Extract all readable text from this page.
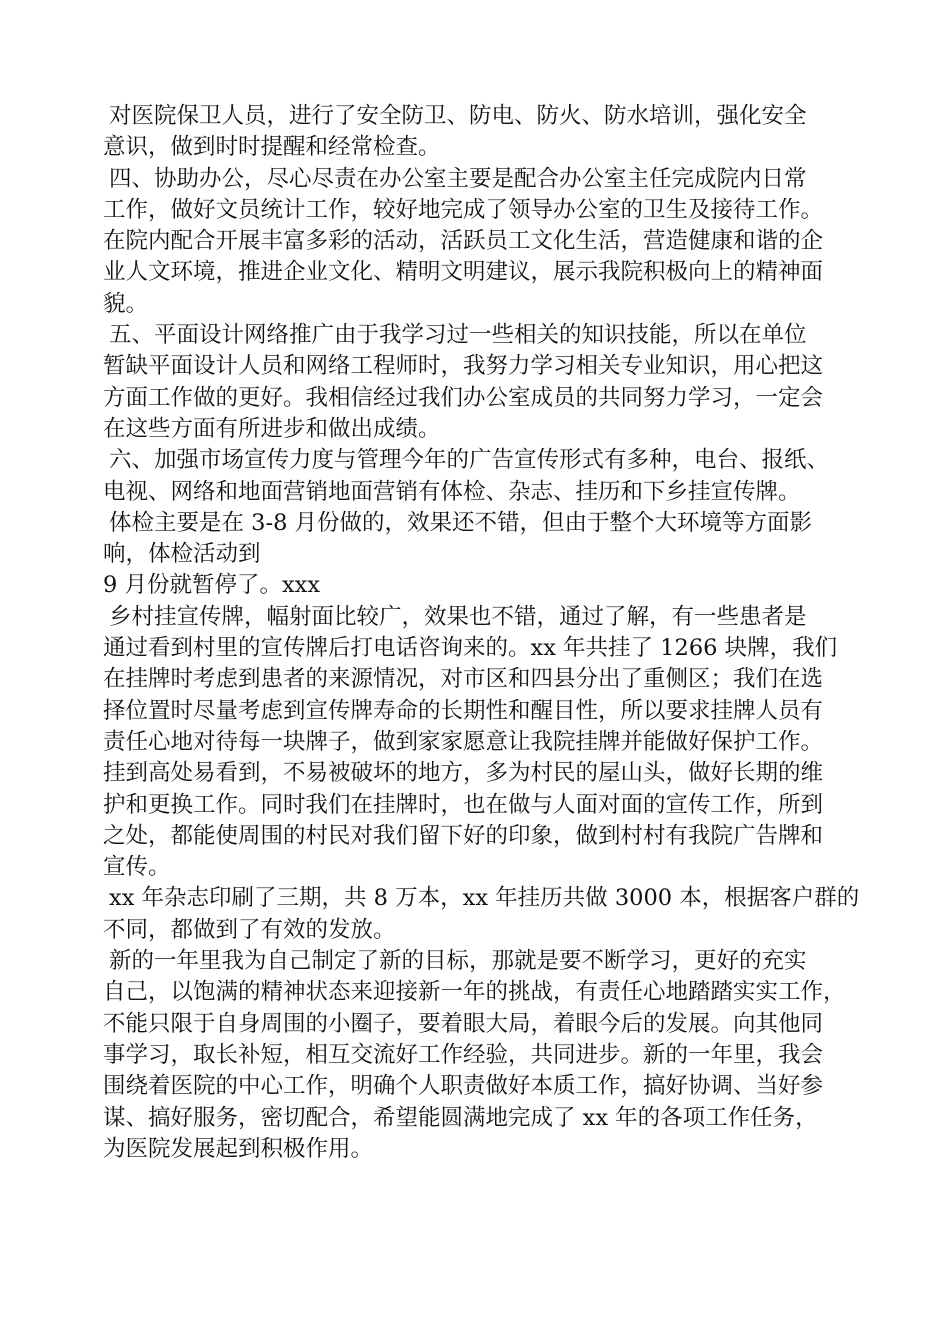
对医院保卫人员，进行了安全防卫、防电、防火、防水培训，强化安全
意识，做到时时提醒和经常检查。
四、协助办公，尽心尽责在办公室主要是配合办公室主任完成院内日常
工作，做好文员统计工作，较好地完成了领导办公室的卫生及接待工作。
在院内配合开展丰富多彩的活动，活跃员工文化生活，营造健康和谐的企
业人文环境，推进企业文化、精明文明建议，展示我院积极向上的精神面
貌。
五、平面设计网络推广由于我学习过一些相关的知识技能，所以在单位
暂缺平面设计人员和网络工程师时，我努力学习相关专业知识，用心把这
方面工作做的更好。我相信经过我们办公室成员的共同努力学习，一定会
在这些方面有所进步和做出成绩。
六、加强市场宣传力度与管理今年的广告宣传形式有多种，电台、报纸、
电视、网络和地面营销地面营销有体检、杂志、挂历和下乡挂宣传牌。
体检主要是在 3-8 月份做的，效果还不错，但由于整个大环境等方面影
响，体检活动到
9 月份就暂停了。xxx
乡村挂宣传牌，幅射面比较广，效果也不错，通过了解，有一些患者是
通过看到村里的宣传牌后打电话咨询来的。xx 年共挂了 1266 块牌，我们
在挂牌时考虑到患者的来源情况，对市区和四县分出了重侧区；我们在选
择位置时尽量考虑到宣传牌寿命的长期性和醒目性，所以要求挂牌人员有
责任心地对待每一块牌子，做到家家愿意让我院挂牌并能做好保护工作。
挂到高处易看到，不易被破坏的地方，多为村民的屋山头，做好长期的维
护和更换工作。同时我们在挂牌时，也在做与人面对面的宣传工作，所到
之处，都能使周围的村民对我们留下好的印象，做到村村有我院广告牌和
宣传。
xx 年杂志印刷了三期，共 8 万本，xx 年挂历共做 3000 本，根据客户群的
不同，都做到了有效的发放。
新的一年里我为自己制定了新的目标，那就是要不断学习，更好的充实
自己，以饱满的精神状态来迎接新一年的挑战，有责任心地踏踏实实工作，
不能只限于自身周围的小圈子，要着眼大局，着眼今后的发展。向其他同
事学习，取长补短，相互交流好工作经验，共同进步。新的一年里，我会
围绕着医院的中心工作，明确个人职责做好本质工作，搞好协调、当好参
谋、搞好服务，密切配合，希望能圆满地完成了 xx 年的各项工作任务，
为医院发展起到积极作用。
